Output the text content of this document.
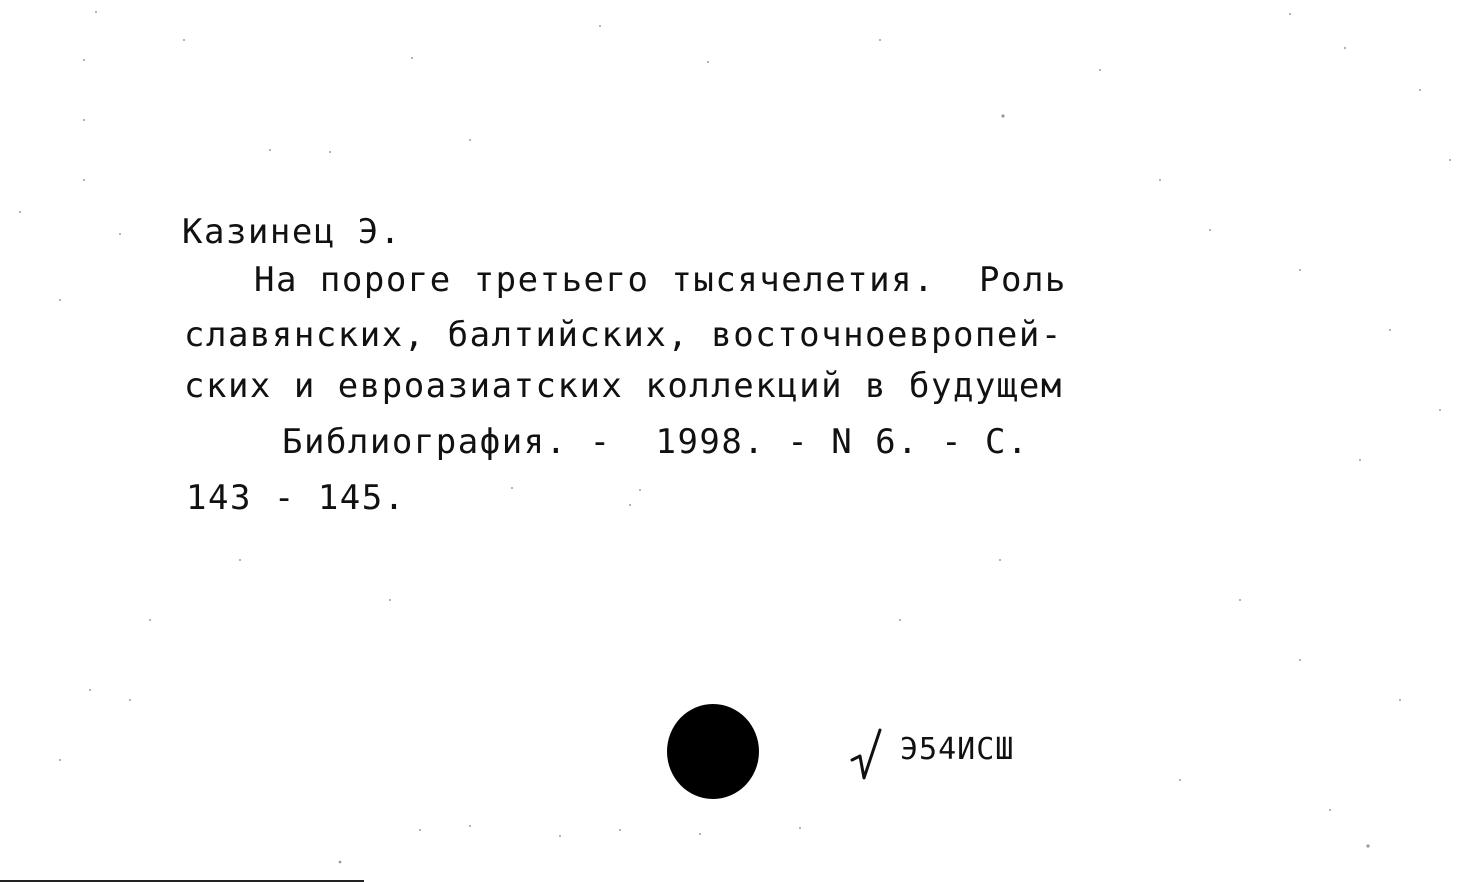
Казинец Э.
На пороге третьего тысячелетия.  Роль
славянских, балтийских, восточноевропей-
ских и евроазиатских коллекций в будущем
Библиография. -  1998. - N 6. - С.
143 - 145.
Э54ИСШ
